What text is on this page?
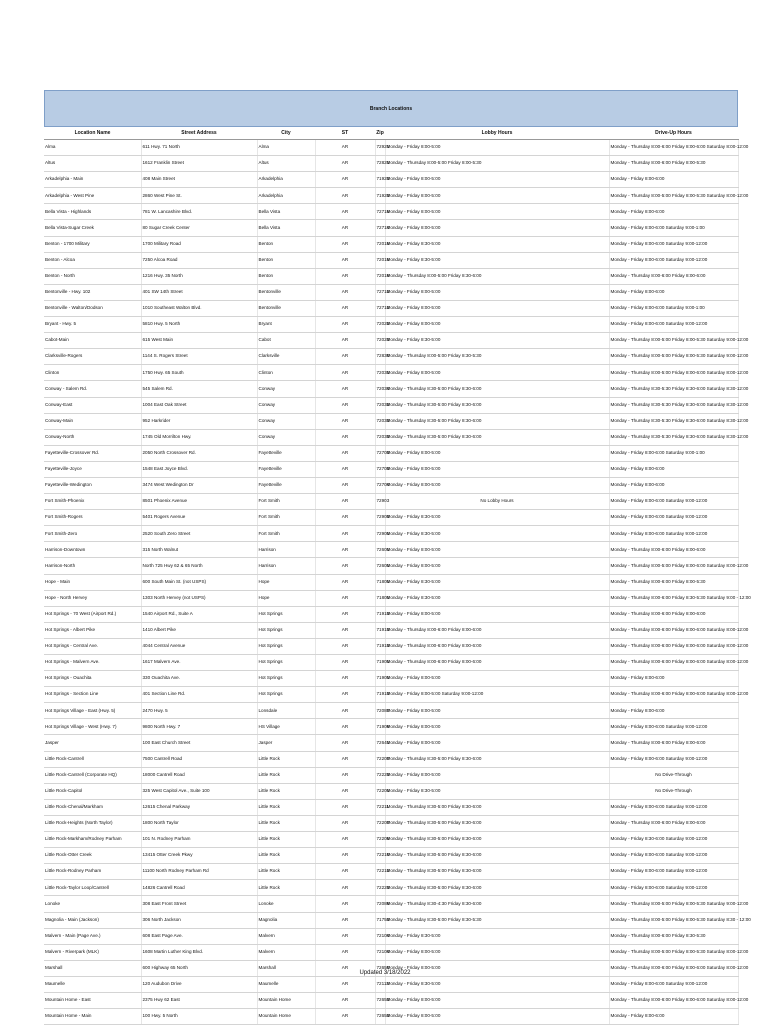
Branch Locations
Location Name	Street Address	City	ST	Zip	Lobby Hours	Drive-Up Hours
Alma	611 Hwy. 71 North	Alma	AR	72921	Monday - Friday 8:00-5:00	Monday - Thursday 8:00-6:00 Friday 8:00-6:00 Saturday 8:00-12:00
Altus	1612 Franklin Street	Altus	AR	72821	Monday - Thursday 8:00-5:00 Friday 8:00-5:30	Monday - Thursday 8:00-6:00 Friday 8:00-5:30
Arkadelphia - Main	408 Main Street	Arkadelphia	AR	71923	Monday - Friday 8:00-5:00	Monday - Friday 8:00-6:00
Arkadelphia - West Pine	2860 West Pine St.	Arkadelphia	AR	71923	Monday - Friday 8:00-5:00	Monday - Thursday 8:00-5:00 Friday 8:00-5:30 Saturday 8:00-12:00
Bella Vista - Highlands	781 W. Lancashire Blvd.	Bella Vista	AR	72715	Monday - Friday 8:00-5:00	Monday - Friday 8:00-6:00
Bella Vista-Sugar Creek	80 Sugar Creek Center	Bella Vista	AR	72714	Monday - Friday 8:00-5:00	Monday - Friday 8:00-6:00 Saturday 9:00-1:00
Benton - 1700 Military	1700 Military Road	Benton	AR	72015	Monday - Friday 8:30-5:00	Monday - Friday 8:00-6:00 Saturday 9:00-12:00
Benton - Alcoa	7250 Alcoa Road	Benton	AR	72015	Monday - Friday 8:30-5:00	Monday - Friday 8:00-6:00 Saturday 9:00-12:00
Benton - North	1216 Hwy. 35 North	Benton	AR	72019	Monday - Thursday 8:00-5:00 Friday 8:30-6:00	Monday - Thursday 8:00-6:00 Friday 8:00-6:00
Bentonville - Hwy. 102	401 SW 14th Street	Bentonville	AR	72712	Monday - Friday 8:00-5:00	Monday - Friday 8:00-6:00
Bentonville - Walton/Dodson	1010 Southeast Walton Blvd.	Bentonville	AR	72712	Monday - Friday 8:00-5:00	Monday - Friday 8:00-6:00 Saturday 9:00-1:00
Bryant - Hwy. 5	5810 Hwy. 5 North	Bryant	AR	72022	Monday - Friday 8:00-5:00	Monday - Friday 8:00-6:00 Saturday 9:00-12:00
Cabot-Main	615 West Main	Cabot	AR	72023	Monday - Friday 8:30-5:00	Monday - Thursday 8:00-5:00 Friday 8:00-5:30 Saturday 9:00-12:00
Clarksville-Rogers	1144 S. Rogers Street	Clarksville	AR	72830	Monday - Thursday 8:00-5:00 Friday 8:30-5:30	Monday - Thursday 8:00-5:00 Friday 8:00-5:30 Saturday 9:00-12:00
Clinton	1750 Hwy. 65 South	Clinton	AR	72031	Monday - Friday 8:00-5:00	Monday - Thursday 8:00-5:00 Friday 8:00-6:00 Saturday 8:00-12:00
Conway - Salem Rd.	545 Salem Rd.	Conway	AR	72034	Monday - Thursday 8:30-5:00 Friday 8:30-6:00	Monday - Thursday 8:30-5:30 Friday 8:30-6:00 Saturday 8:30-12:00
Conway-East	1004 East Oak Street	Conway	AR	72032	Monday - Thursday 8:30-5:00 Friday 8:30-6:00	Monday - Thursday 8:30-5:30 Friday 8:30-6:00 Saturday 8:30-12:00
Conway-Main	952 Harkrider	Conway	AR	72033	Monday - Thursday 8:30-5:00 Friday 8:30-6:00	Monday - Thursday 8:30-5:30 Friday 8:30-6:00 Saturday 8:30-12:00
Conway-North	1745 Old Morrilton Hwy.	Conway	AR	72033	Monday - Thursday 8:30-5:00 Friday 8:30-6:00	Monday - Thursday 8:30-5:30 Friday 8:30-6:00 Saturday 8:30-12:00
Fayetteville-Crossover Rd.	2050 North Crossover Rd.	Fayetteville	AR	72703	Monday - Friday 8:00-5:00	Monday - Friday 8:00-6:00 Saturday 9:00-1:00
Fayetteville-Joyce	1548 East Joyce Blvd.	Fayetteville	AR	72703	Monday - Friday 8:00-5:00	Monday - Friday 8:00-6:00
Fayetteville-Wedington	3474 West Wedington Dr	Fayetteville	AR	72704	Monday - Friday 8:00-5:00	Monday - Friday 8:00-6:00
Fort Smith-Phoenix	8501 Phoenix Avenue	Fort Smith	AR	72903	No Lobby Hours	Monday - Friday 8:00-6:00 Saturday 9:00-12:00
Fort Smith-Rogers	5401 Rogers Avenue	Fort Smith	AR	72903	Monday - Friday 8:30-5:00	Monday - Friday 8:00-6:00 Saturday 9:00-12:00
Fort Smith-Zero	2520 South Zero Street	Fort Smith	AR	72901	Monday - Friday 8:30-5:00	Monday - Friday 8:00-6:00 Saturday 9:00-12:00
Harrison-Downtown	315 North Walnut	Harrison	AR	72601	Monday - Friday 8:00-5:00	Monday - Thursday 8:00-6:00 Friday 8:00-6:00
Harrison-North	North 725 Hwy 62 & 65 North	Harrison	AR	72601	Monday - Friday 8:00-5:00	Monday - Thursday 8:00-5:00 Friday 8:00-6:00 Saturday 8:00-12:00
Hope - Main	600 South Main St. (not USPS)	Hope	AR	71801	Monday - Friday 8:30-5:00	Monday - Thursday 8:00-6:00 Friday 8:00-5:30
Hope - North Hervey	1303 North Hervey (not USPS)	Hope	AR	71801	Monday - Friday 8:30-5:00	Monday - Thursday 8:00-6:00 Friday 8:30-5:30 Saturday 9:00 - 12:00
Hot Springs - 70 West (Airport Rd.)	1540 Airport Rd., Suite A	Hot Springs	AR	71913	Monday - Friday 8:00-5:00	Monday - Thursday 8:00-6:00 Friday 8:00-6:00
Hot Springs - Albert Pike	1410 Albert Pike	Hot Springs	AR	71913	Monday - Thursday 8:00-6:00 Friday 8:00-6:00	Monday - Thursday 8:00-6:00 Friday 8:00-6:00 Saturday 8:00-12:00
Hot Springs - Central Ave.	4044 Central Avenue	Hot Springs	AR	71913	Monday - Thursday 8:00-6:00 Friday 8:00-6:00	Monday - Thursday 8:00-6:00 Friday 8:00-6:00 Saturday 8:00-12:00
Hot Springs - Malvern Ave.	1617 Malvern Ave.	Hot Springs	AR	71901	Monday - Thursday 8:00-6:00 Friday 8:00-6:00	Monday - Thursday 8:00-6:00 Friday 8:00-6:00 Saturday 8:00-12:00
Hot Springs - Ouachita	330 Ouachita Ave.	Hot Springs	AR	71901	Monday - Friday 8:00-5:00	Monday - Friday 8:00-6:00
Hot Springs - Section Line	401 Section Line Rd.	Hot Springs	AR	71913	Monday - Friday 8:00-5:00 Saturday 9:00-12:00	Monday - Thursday 8:00-6:00 Friday 8:00-6:00 Saturday 8:00-12:00
Hot Springs Village - East (Hwy. 5)	2470 Hwy. 5	Lonsdale	AR	72087	Monday - Friday 8:00-5:00	Monday - Friday 8:00-6:00
Hot Springs Village - West (Hwy. 7)	9800 North Hwy. 7	HS Village	AR	71909	Monday - Friday 8:00-5:00	Monday - Friday 8:00-6:00 Saturday 9:00-12:00
Jasper	100 East Church Street	Jasper	AR	72641	Monday - Friday 8:00-5:00	Monday - Thursday 8:00-6:00 Friday 8:00-6:00
Little Rock-Cantrell	7500 Cantrell Road	Little Rock	AR	72207	Monday - Thursday 8:30-5:00 Friday 8:30-6:00	Monday - Friday 8:00-6:00 Saturday 9:00-12:00
Little Rock-Cantrell (Corporate HQ)	18000 Cantrell Road	Little Rock	AR	72223	Monday - Friday 8:00-5:00	No Drive-Through
Little Rock-Capitol	325 West Capitol Ave., Suite 100	Little Rock	AR	72201	Monday - Friday 8:30-5:00	No Drive-Through
Little Rock-Chenal/Markham	12615 Chenal Parkway	Little Rock	AR	72211	Monday - Thursday 8:30-5:00 Friday 8:30-6:00	Monday - Friday 8:00-6:00 Saturday 9:00-12:00
Little Rock-Heights (North Taylor)	1800 North Taylor	Little Rock	AR	72207	Monday - Thursday 8:30-5:00 Friday 8:30-6:00	Monday - Thursday 8:00-6:00 Friday 8:00-6:00
Little Rock-Markham/Rodney Parham	101 N. Rodney Parham	Little Rock	AR	72205	Monday - Thursday 8:30-5:00 Friday 8:30-6:00	Monday - Friday 8:30-6:00 Saturday 9:00-12:00
Little Rock-Otter Creek	13415 Otter Creek Pkwy	Little Rock	AR	72210	Monday - Thursday 8:30-5:00 Friday 8:30-6:00	Monday - Friday 8:00-6:00 Saturday 9:00-12:00
Little Rock-Rodney Parham	11100 North Rodney Parham Rd	Little Rock	AR	72212	Monday - Thursday 8:30-5:00 Friday 8:30-6:00	Monday - Friday 8:00-6:00 Saturday 9:00-12:00
Little Rock-Taylor Loop/Cantrell	14826 Cantrell Road	Little Rock	AR	72223	Monday - Thursday 8:30-5:00 Friday 8:30-6:00	Monday - Friday 8:00-6:00 Saturday 9:00-12:00
Lonoke	308 East Front Street	Lonoke	AR	72086	Monday - Thursday 8:30-4:30 Friday 8:30-6:00	Monday - Thursday 8:00-5:00 Friday 8:00-5:30 Saturday 9:00-12:00
Magnolia - Main (Jackson)	306 North Jackson	Magnolia	AR	71753	Monday - Thursday 8:30-5:00 Friday 8:30-5:30	Monday - Thursday 8:00-5:00 Friday 8:00-5:30 Saturday 8:30 - 12:00
Malvern - Main (Page Ave.)	608 East Page Ave.	Malvern	AR	72104	Monday - Friday 8:30-5:00	Monday - Thursday 8:00-6:00 Friday 8:30-5:30
Malvern - Riverpark (MLK)	1608 Martin Luther King Blvd.	Malvern	AR	72104	Monday - Friday 8:00-5:00	Monday - Thursday 8:00-5:00 Friday 8:00-5:30 Saturday 8:00-12:00
Marshall	600 Highway 65 North	Marshall	AR	72650	Monday - Friday 8:00-5:00	Monday - Thursday 8:00-6:00 Friday 8:00-6:00 Saturday 8:00-12:00
Maumelle	120 Audubon Drive	Maumelle	AR	72113	Monday - Friday 8:30-5:00	Monday - Friday 8:00-6:00 Saturday 9:00-12:00
Mountain Home - East	2375 Hwy 62 East	Mountain Home	AR	72653	Monday - Friday 8:00-5:00	Monday - Thursday 8:00-6:00 Friday 8:00-6:00 Saturday 8:00-12:00
Mountain Home - Main	100 Hwy. 5 North	Mountain Home	AR	72653	Monday - Friday 8:00-5:00	Monday - Friday 8:00-6:00
Updated 3/18/2022
